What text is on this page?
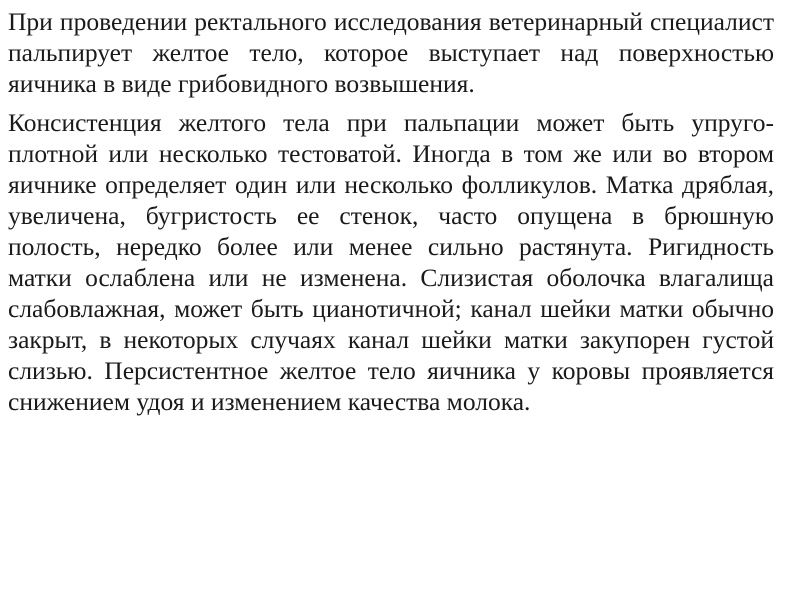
При проведении ректального исследования ветеринарный специалист пальпирует желтое тело, которое выступает над поверхностью яичника в виде грибовидного возвышения.

Консистенция желтого тела при пальпации может быть упруго-плотной или несколько тестоватой. Иногда в том же или во втором яичнике определяет один или несколько фолликулов. Матка дряблая, увеличена, бугристость ее стенок, часто опущена в брюшную полость, нередко более или менее сильно растянута. Ригидность матки ослаблена или не изменена. Слизистая оболочка влагалища слабовлажная, может быть цианотичной; канал шейки матки обычно закрыт, в некоторых случаях канал шейки матки закупорен густой слизью. Персистентное желтое тело яичника у коровы проявляется снижением удоя и изменением качества молока.
